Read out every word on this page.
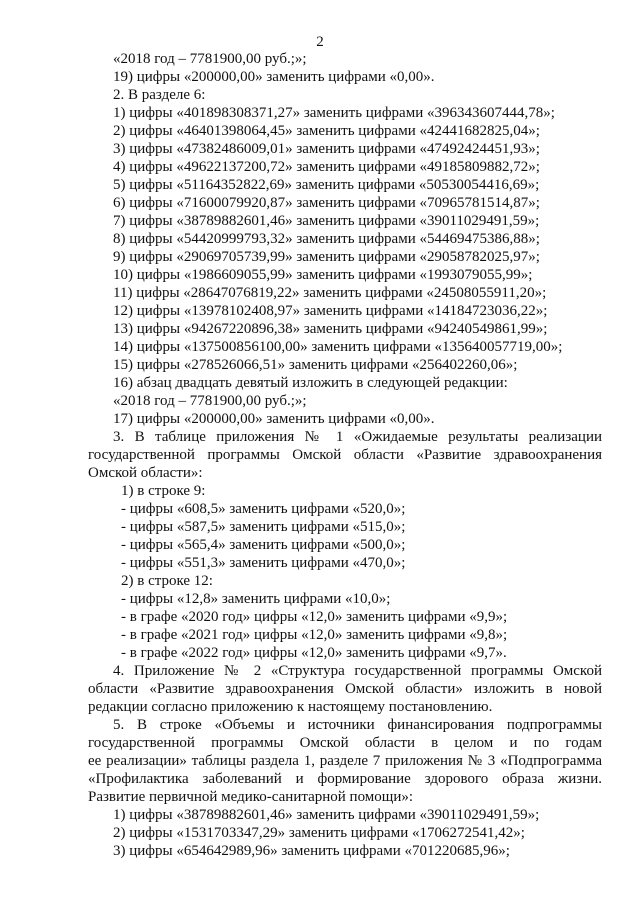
2
«2018 год – 7781900,00 руб.;»;
19) цифры «200000,00» заменить цифрами «0,00».
2. В разделе 6:
1) цифры «401898308371,27» заменить цифрами «396343607444,78»;
2) цифры «46401398064,45» заменить цифрами «42441682825,04»;
3) цифры «47382486009,01» заменить цифрами «47492424451,93»;
4) цифры «49622137200,72» заменить цифрами «49185809882,72»;
5) цифры «51164352822,69» заменить цифрами «50530054416,69»;
6) цифры «71600079920,87» заменить цифрами «70965781514,87»;
7) цифры «38789882601,46» заменить цифрами «39011029491,59»;
8) цифры «54420999793,32» заменить цифрами «54469475386,88»;
9) цифры «29069705739,99» заменить цифрами «29058782025,97»;
10) цифры «1986609055,99» заменить цифрами «1993079055,99»;
11) цифры «28647076819,22» заменить цифрами «24508055911,20»;
12) цифры «13978102408,97» заменить цифрами «14184723036,22»;
13) цифры «94267220896,38» заменить цифрами «94240549861,99»;
14) цифры «137500856100,00» заменить цифрами «135640057719,00»;
15) цифры «278526066,51» заменить цифрами «256402260,06»;
16) абзац двадцать девятый изложить в следующей редакции:
«2018 год – 7781900,00 руб.;»;
17) цифры «200000,00» заменить цифрами «0,00».
3. В таблице приложения № 1 «Ожидаемые результаты реализации
государственной программы Омской области «Развитие здравоохранения
Омской области»:
1) в строке 9:
- цифры «608,5» заменить цифрами «520,0»;
- цифры «587,5» заменить цифрами «515,0»;
- цифры «565,4» заменить цифрами «500,0»;
- цифры «551,3» заменить цифрами «470,0»;
2) в строке 12:
- цифры «12,8» заменить цифрами «10,0»;
- в графе «2020 год» цифры «12,0» заменить цифрами «9,9»;
- в графе «2021 год» цифры «12,0» заменить цифрами «9,8»;
- в графе «2022 год» цифры «12,0» заменить цифрами «9,7».
4. Приложение № 2 «Структура государственной программы Омской
области «Развитие здравоохранения Омской области» изложить в новой
редакции согласно приложению к настоящему постановлению.
5. В строке «Объемы и источники финансирования подпрограммы
государственной программы Омской области в целом и по годам
ее реализации» таблицы раздела 1, разделе 7 приложения № 3 «Подпрограмма
«Профилактика заболеваний и формирование здорового образа жизни.
Развитие первичной медико-санитарной помощи»:
1) цифры «38789882601,46» заменить цифрами «39011029491,59»;
2) цифры «1531703347,29» заменить цифрами «1706272541,42»;
3) цифры «654642989,96» заменить цифрами «701220685,96»;
